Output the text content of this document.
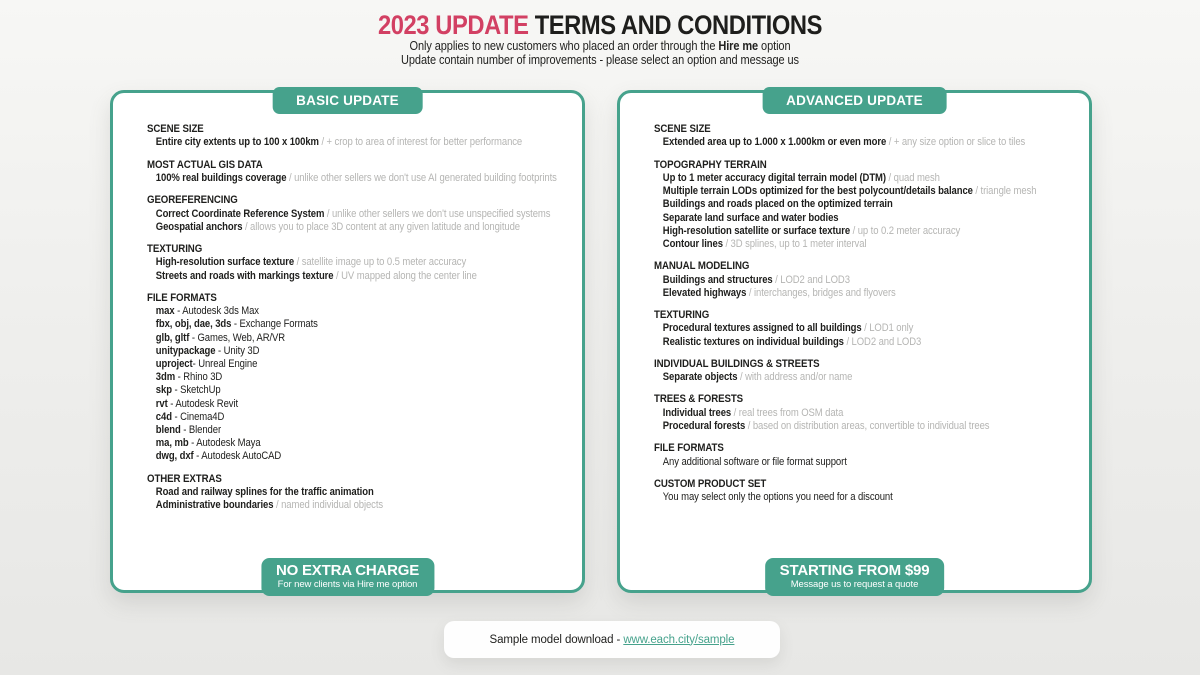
2023 UPDATE TERMS AND CONDITIONS

Only applies to new customers who placed an order through the Hire me option

Update contain number of improvements - please select an option and message us

BASIC UPDATE
SCENE SIZE
Entire city extents up to 100 x 100km / + crop to area of interest for better performance
MOST ACTUAL GIS DATA
100% real buildings coverage / unlike other sellers we don't use AI generated building footprints
GEOREFERENCING
Correct Coordinate Reference System / unlike other sellers we don't use unspecified systems
Geospatial anchors / allows you to place 3D content at any given latitude and longitude
TEXTURING
High-resolution surface texture / satellite image up to 0.5 meter accuracy
Streets and roads with markings texture / UV mapped along the center line
FILE FORMATS
max - Autodesk 3ds Max
fbx, obj, dae, 3ds - Exchange Formats
glb, gltf - Games, Web, AR/VR
unitypackage - Unity 3D
uproject- Unreal Engine
3dm - Rhino 3D
skp - SketchUp
rvt - Autodesk Revit
c4d - Cinema4D
blend - Blender
ma, mb - Autodesk Maya
dwg, dxf - Autodesk AutoCAD
OTHER EXTRAS
Road and railway splines for the traffic animation
Administrative boundaries / named individual objects
NO EXTRA CHARGE
For new clients via Hire me option
ADVANCED UPDATE
SCENE SIZE
Extended area up to 1.000 x 1.000km or even more / + any size option or slice to tiles
TOPOGRAPHY TERRAIN
Up to 1 meter accuracy digital terrain model (DTM) / quad mesh
Multiple terrain LODs optimized for the best polycount/details balance / triangle mesh
Buildings and roads placed on the optimized terrain
Separate land surface and water bodies
High-resolution satellite or surface texture / up to 0.2 meter accuracy
Contour lines / 3D splines, up to 1 meter interval
MANUAL MODELING
Buildings and structures / LOD2 and LOD3
Elevated highways / interchanges, bridges and flyovers
TEXTURING
Procedural textures assigned to all buildings / LOD1 only
Realistic textures on individual buildings / LOD2 and LOD3
INDIVIDUAL BUILDINGS & STREETS
Separate objects / with address and/or name
TREES & FORESTS
Individual trees / real trees from OSM data
Procedural forests / based on distribution areas, convertible to individual trees
FILE FORMATS
Any additional software or file format support
CUSTOM PRODUCT SET
You may select only the options you need for a discount
STARTING FROM $99
Message us to request a quote
Sample model download - www.each.city/sample
